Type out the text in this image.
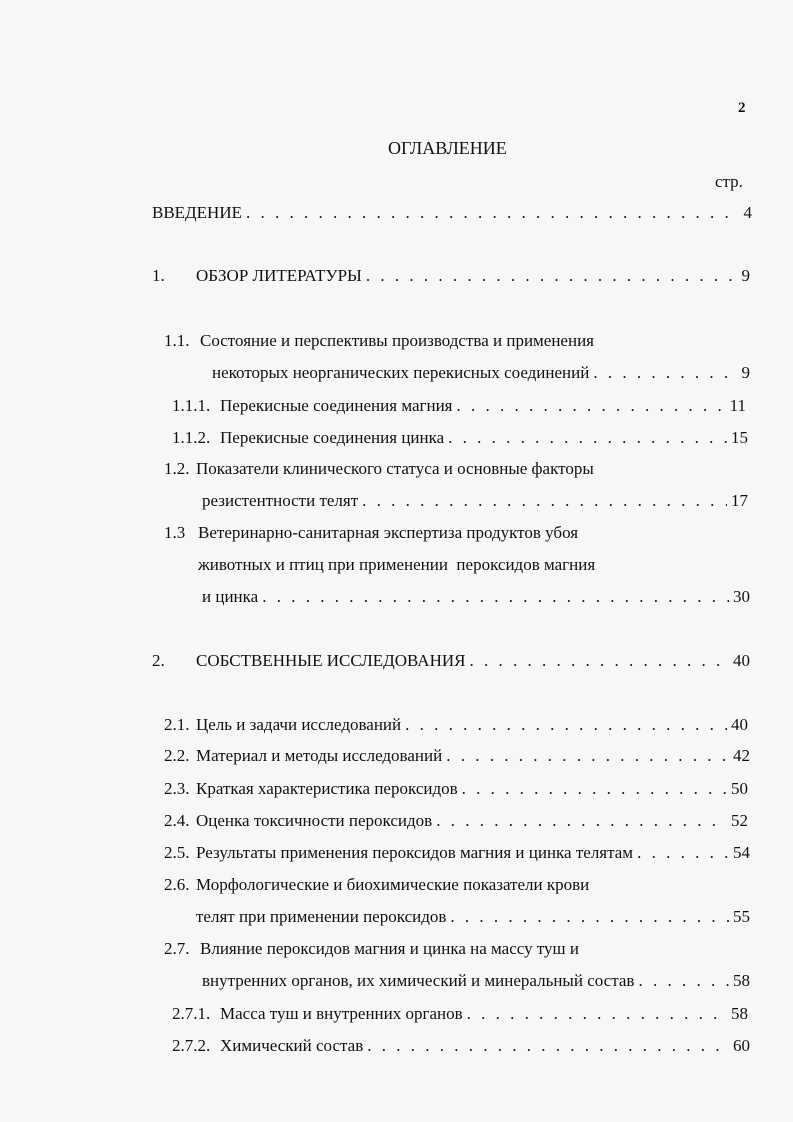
2
ОГЛАВЛЕНИЕ
стр.
ВВЕДЕНИЕ . . .	4
1.	ОБЗОР ЛИТЕРАТУРЫ . . .	9
1.1. Состояние и перспективы производства и применения
некоторых неорганических перекисных соединений . . .	9
1.1.1. Перекисные соединения магния . . .	11
1.1.2. Перекисные соединения цинка . . .	15
1.2. Показатели клинического статуса и основные факторы
резистентности телят . . .	17
1.3 Ветеринарно-санитарная экспертиза продуктов убоя
животных и птиц при применении  пероксидов магния
и цинка . . .	30
2.	СОБСТВЕННЫЕ ИССЛЕДОВАНИЯ . . .	40
2.1. Цель и задачи исследований . . .	40
2.2. Материал и методы исследований . . .	42
2.3. Краткая характеристика пероксидов . . .	50
2.4. Оценка токсичности пероксидов . . .	52
2.5. Результаты применения пероксидов магния и цинка телятам . . .	54
2.6. Морфологические и биохимические показатели крови
телят при применении пероксидов . . .	55
2.7. Влияние пероксидов магния и цинка на массу туш и
внутренних органов, их химический и минеральный состав . . .	58
2.7.1. Масса туш и внутренних органов . . .	58
2.7.2. Химический состав . . .	60
